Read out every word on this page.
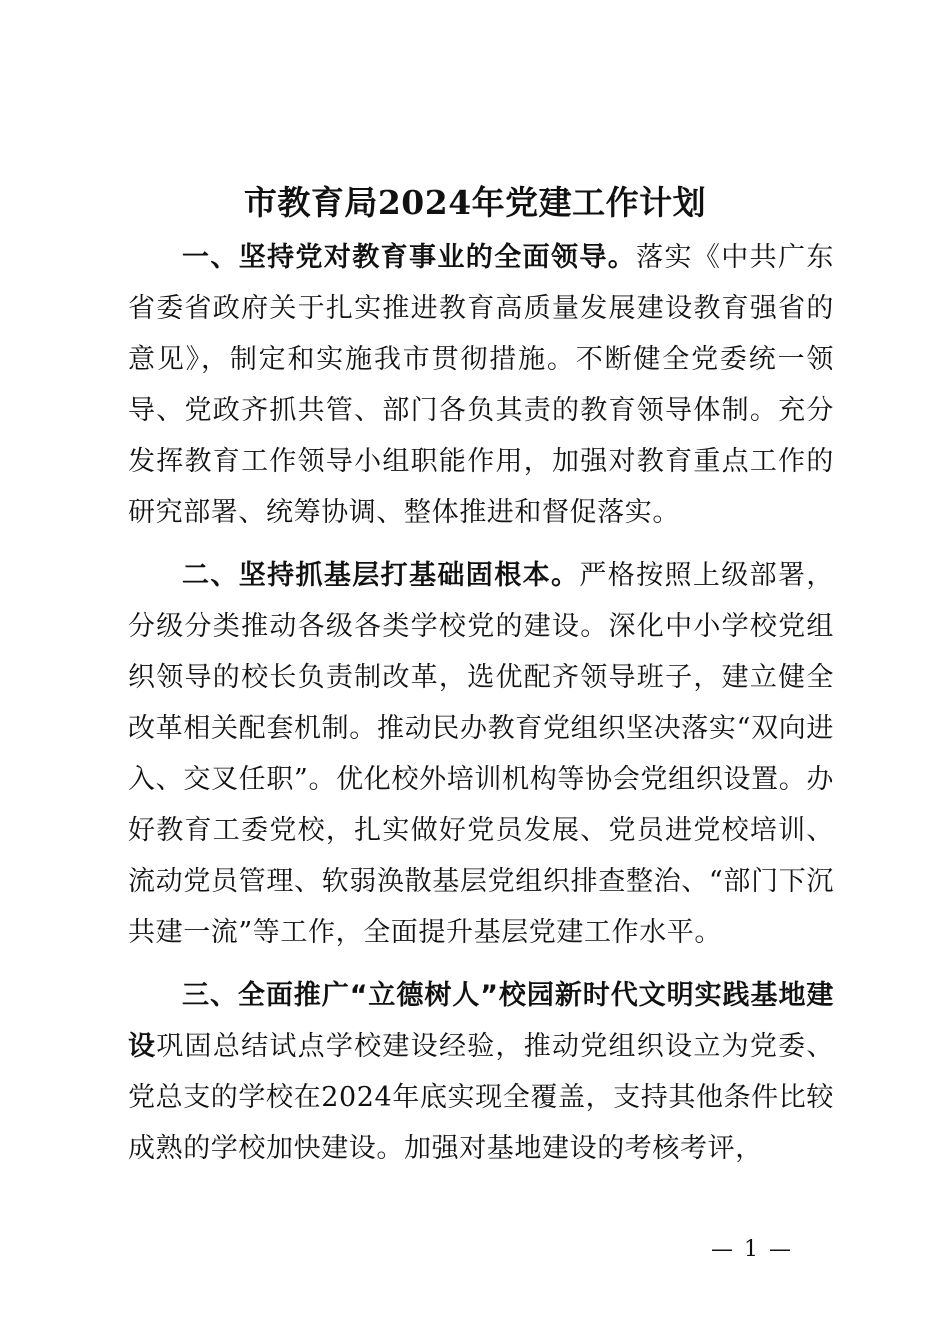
市教育局2024年党建工作计划

一、坚持党对教育事业的全面领导。落实《中共广东省委省政府关于扎实推进教育高质量发展建设教育强省的意见》，制定和实施我市贯彻措施。不断健全党委统一领导、党政齐抓共管、部门各负其责的教育领导体制。充分发挥教育工作领导小组职能作用，加强对教育重点工作的研究部署、统筹协调、整体推进和督促落实。

二、坚持抓基层打基础固根本。严格按照上级部署，分级分类推动各级各类学校党的建设。深化中小学校党组织领导的校长负责制改革，选优配齐领导班子，建立健全改革相关配套机制。推动民办教育党组织坚决落实“双向进入、交叉任职”。优化校外培训机构等协会党组织设置。办好教育工委党校，扎实做好党员发展、党员进党校培训、流动党员管理、软弱涣散基层党组织排查整治、“部门下沉共建一流”等工作，全面提升基层党建工作水平。

三、全面推广“立德树人”校园新时代文明实践基地建设巩固总结试点学校建设经验，推动党组织设立为党委、党总支的学校在2024年底实现全覆盖，支持其他条件比较成熟的学校加快建设。加强对基地建设的考核考评，

— 1 —
